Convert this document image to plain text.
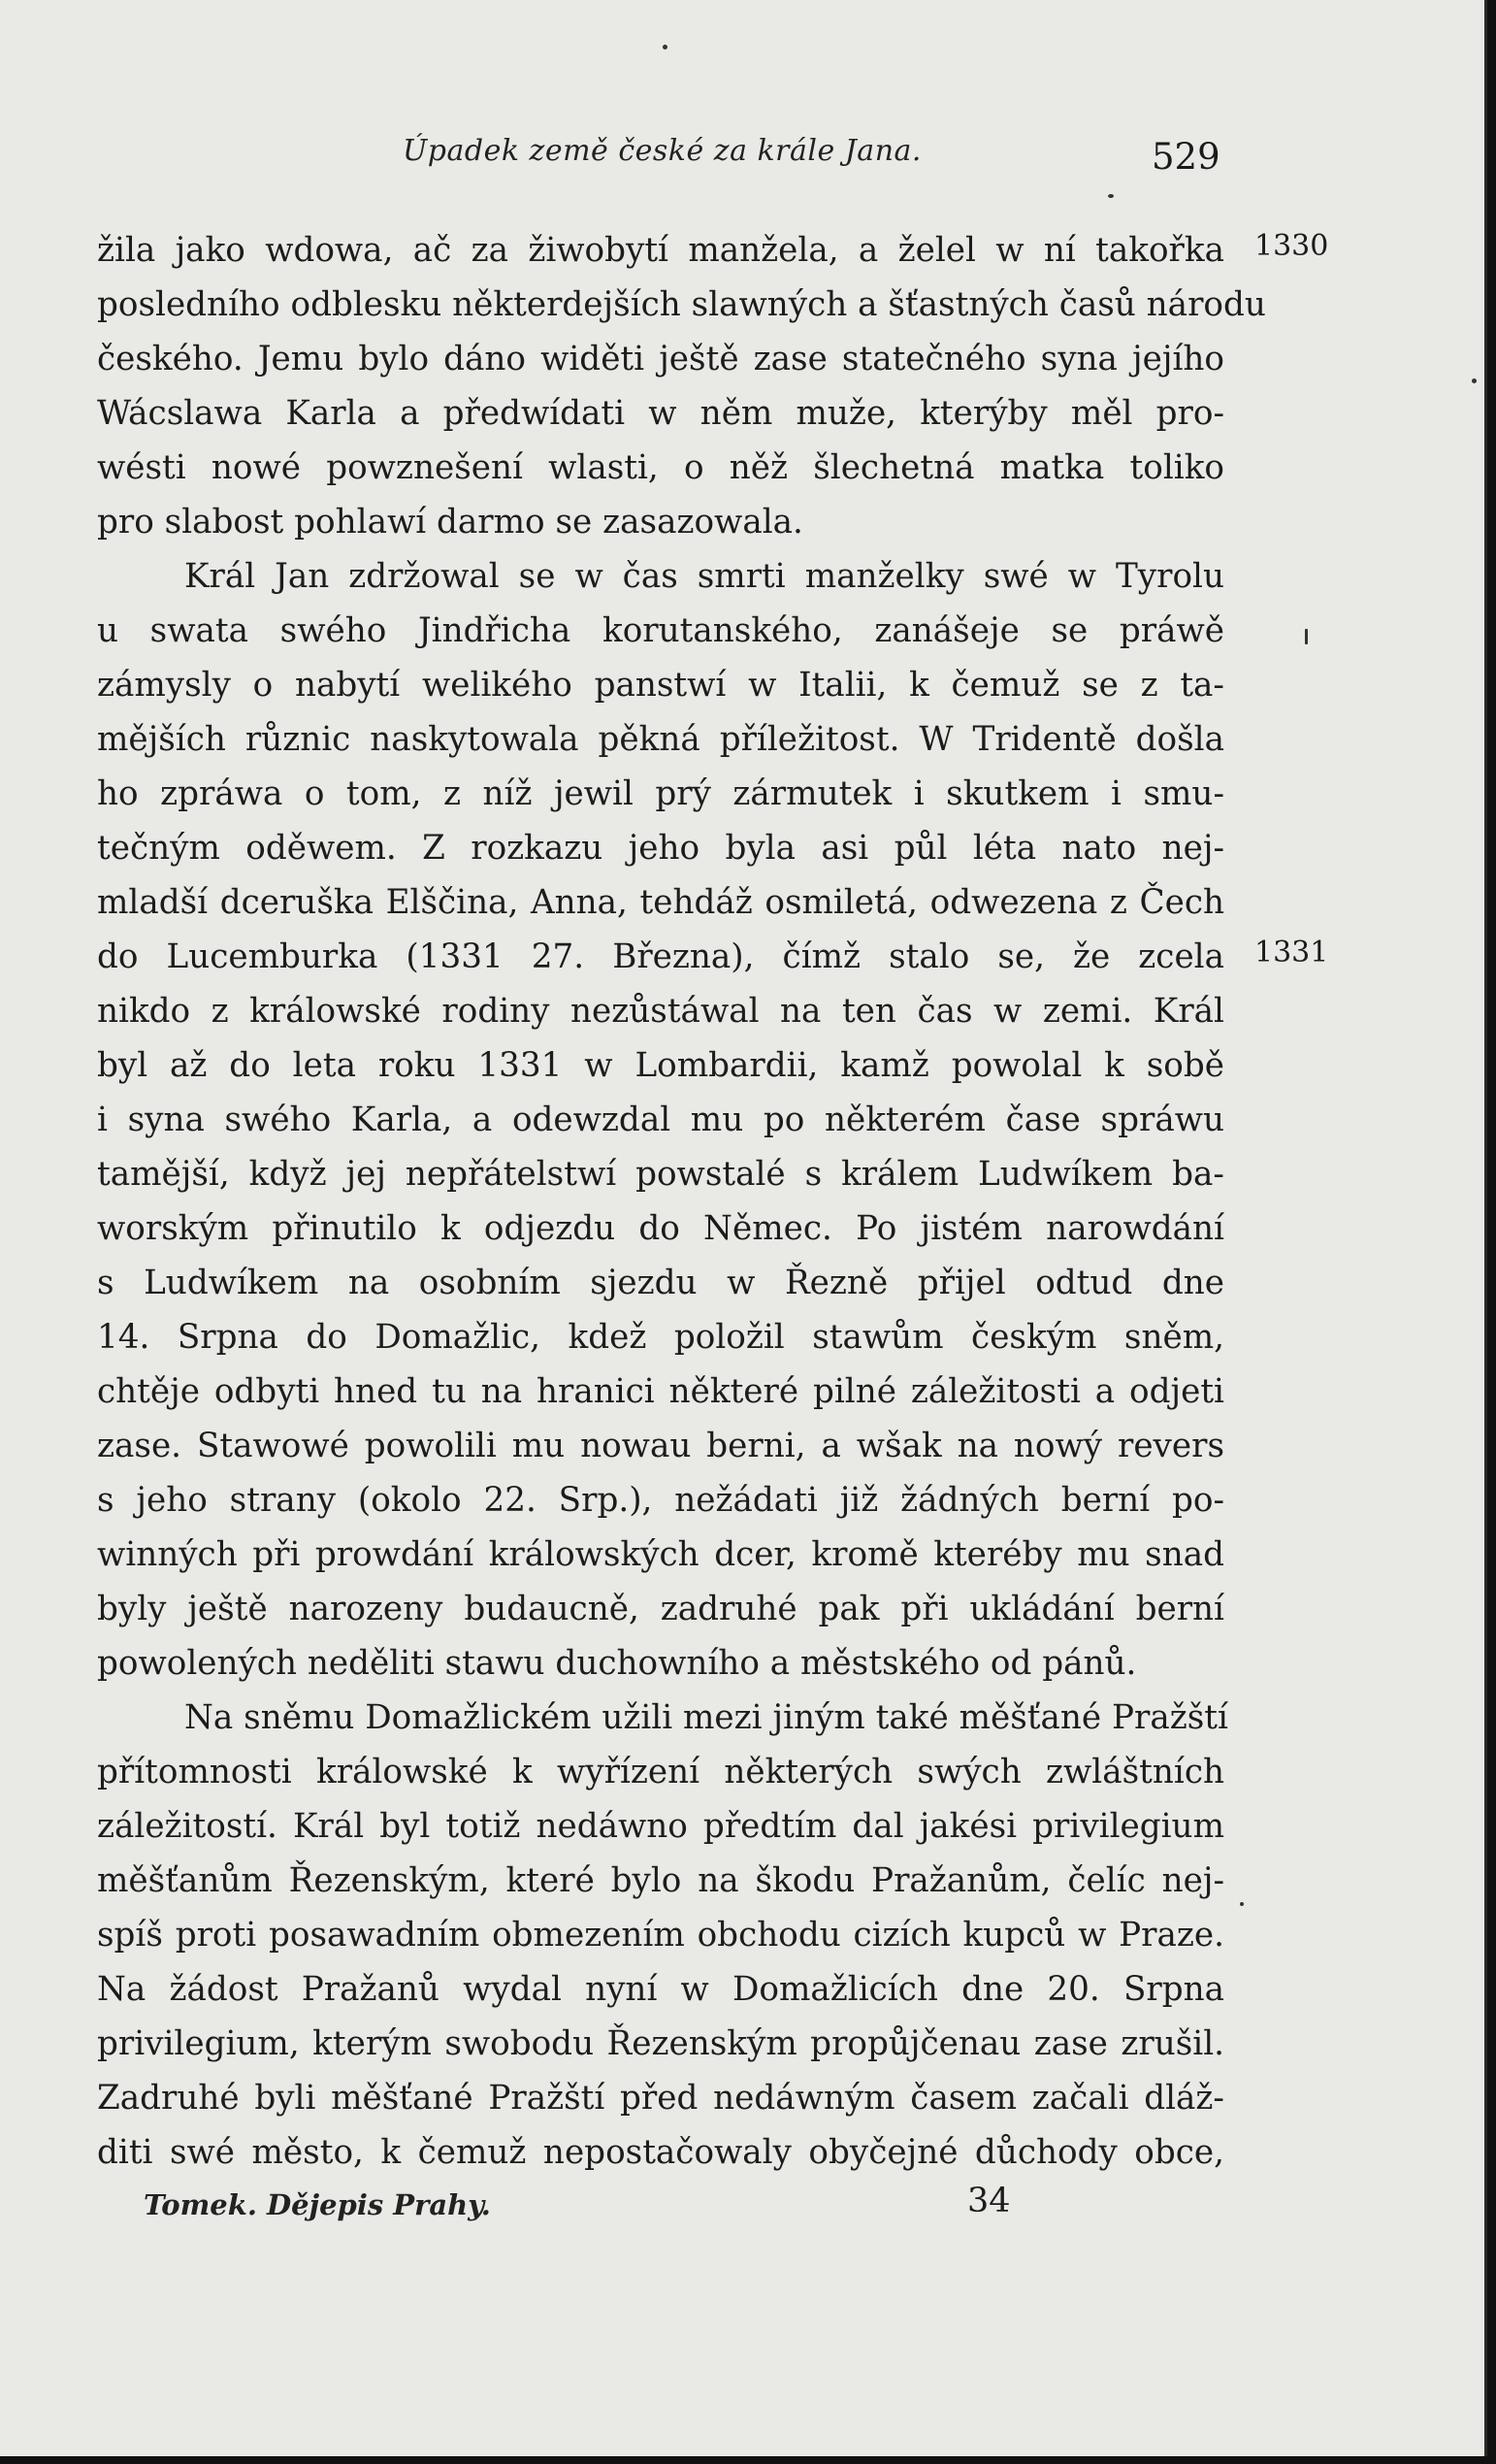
Úpadek země české za krále Jana.	529
1330
1331
žila jako wdowa, ač za žiwobytí manžela, a želel w ní takořka
posledního odblesku některdejších slawných a šťastných časů národu
českého. Jemu bylo dáno widěti ještě zase statečného syna jejího
Wácslawa Karla a předwídati w něm muže, kterýby měl pro-
wésti nowé powznešení wlasti, o něž šlechetná matka toliko
pro slabost pohlawí darmo se zasazowala.
Král Jan zdržowal se w čas smrti manželky swé w Tyrolu
u swata swého Jindřicha korutanského, zanášeje se práwě
zámysly o nabytí welikého panstwí w Italii, k čemuž se z ta-
mějších různic naskytowala pěkná příležitost. W Tridentě došla
ho zpráwa o tom, z níž jewil prý zármutek i skutkem i smu-
tečným oděwem. Z rozkazu jeho byla asi půl léta nato nej-
mladší dceruška Elščina, Anna, tehdáž osmiletá, odwezena z Čech
do Lucemburka (1331 27. Března), čímž stalo se, že zcela
nikdo z králowské rodiny nezůstáwal na ten čas w zemi. Král
byl až do leta roku 1331 w Lombardii, kamž powolal k sobě
i syna swého Karla, a odewzdal mu po některém čase spráwu
tamější, když jej nepřátelstwí powstalé s králem Ludwíkem ba-
worským přinutilo k odjezdu do Němec. Po jistém narowdání
s Ludwíkem na osobním sjezdu w Řezně přijel odtud dne
14. Srpna do Domažlic, kdež položil stawům českým sněm,
chtěje odbyti hned tu na hranici některé pilné záležitosti a odjeti
zase. Stawowé powolili mu nowau berni, a wšak na nowý revers
s jeho strany (okolo 22. Srp.), nežádati již žádných berní po-
winných při prowdání králowských dcer, kromě kteréby mu snad
byly ještě narozeny budaucně, zadruhé pak při ukládání berní
powolených neděliti stawu duchowního a městského od pánů.
Na sněmu Domažlickém užili mezi jiným také měšťané Pražští
přítomnosti králowské k wyřízení některých swých zwláštních
záležitostí. Král byl totiž nedáwno předtím dal jakési privilegium
měšťanům Řezenským, které bylo na škodu Pražanům, čelíc nej-
spíš proti posawadním obmezením obchodu cizích kupců w Praze.
Na žádost Pražanů wydal nyní w Domažlicích dne 20. Srpna
privilegium, kterým swobodu Řezenským propůjčenau zase zrušil.
Zadruhé byli měšťané Pražští před nedáwným časem začali dláž-
diti swé město, k čemuž nepostačowaly obyčejné důchody obce,
Tomek. Dějepis Prahy.	34
